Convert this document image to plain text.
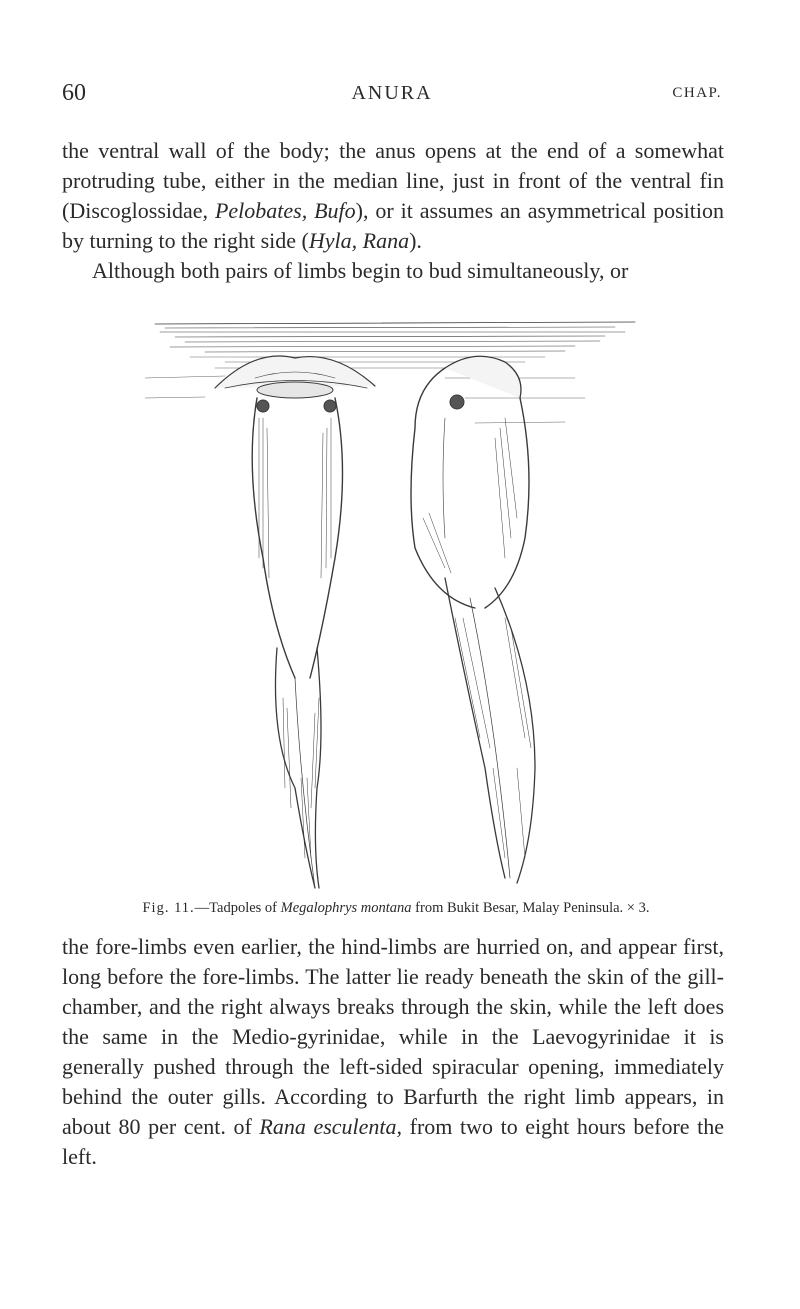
60	ANURA	CHAP.

the ventral wall of the body; the anus opens at the end of a somewhat protruding tube, either in the median line, just in front of the ventral fin (Discoglossidae, Pelobates, Bufo), or it assumes an asymmetrical position by turning to the right side (Hyla, Rana).
Although both pairs of limbs begin to bud simultaneously, or

Fig. 11.—Tadpoles of Megalophrys montana from Bukit Besar, Malay Peninsula. × 3.

the fore-limbs even earlier, the hind-limbs are hurried on, and appear first, long before the fore-limbs. The latter lie ready beneath the skin of the gill-chamber, and the right always breaks through the skin, while the left does the same in the Medio-gyrinidae, while in the Laevogyrinidae it is generally pushed through the left-sided spiracular opening, immediately behind the outer gills. According to Barfurth the right limb appears, in about 80 per cent. of Rana esculenta, from two to eight hours before the left.
